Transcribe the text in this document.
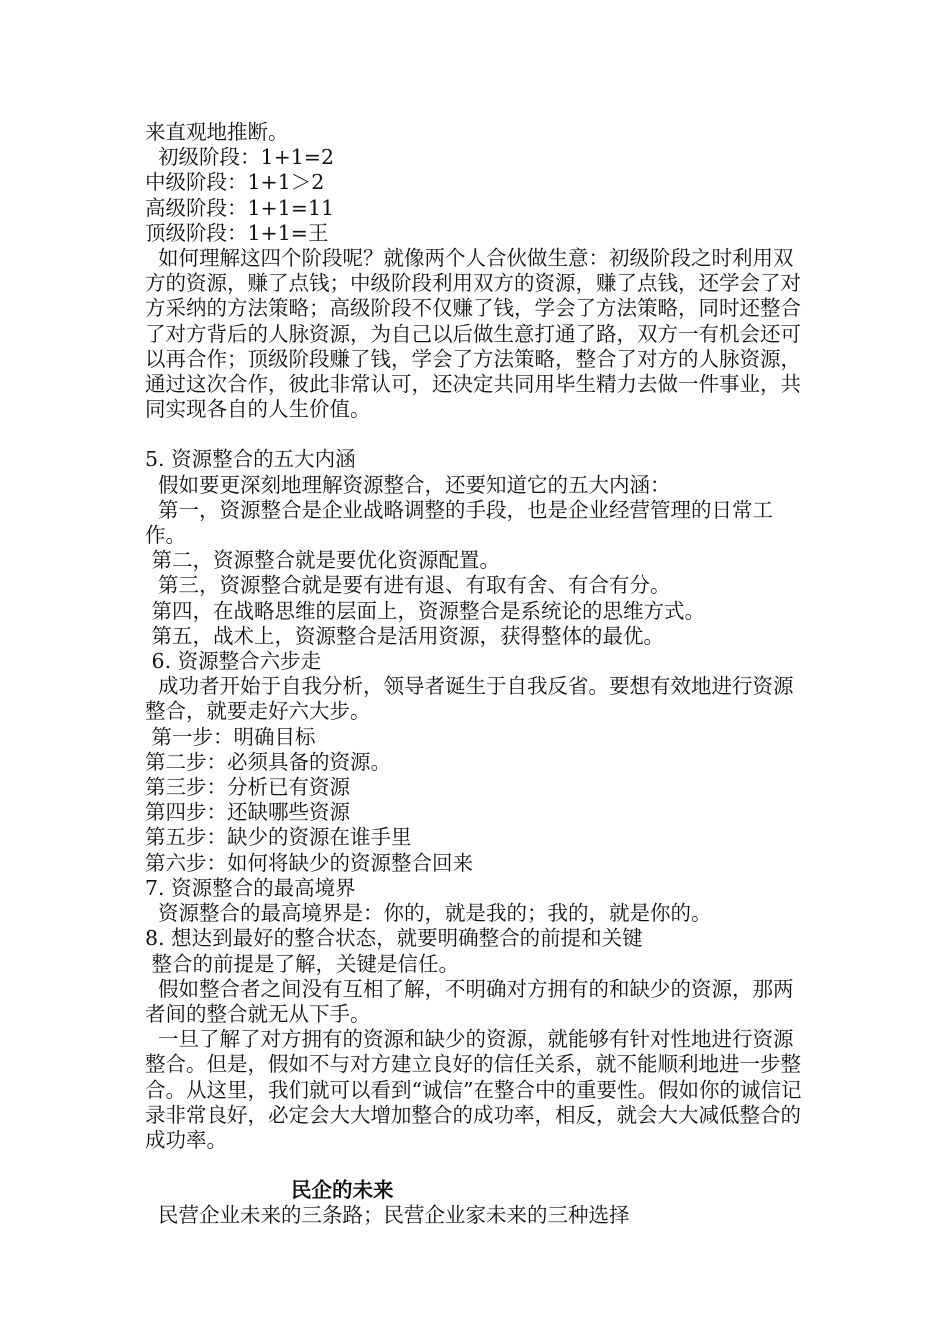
来直观地推断。

初级阶段：1+1=2

中级阶段：1+1＞2

高级阶段：1+1=11

顶级阶段：1+1=王

如何理解这四个阶段呢？就像两个人合伙做生意：初级阶段之时利用双方的资源，赚了点钱；中级阶段利用双方的资源，赚了点钱，还学会了对方采纳的方法策略；高级阶段不仅赚了钱，学会了方法策略，同时还整合了对方背后的人脉资源，为自己以后做生意打通了路，双方一有机会还可以再合作；顶级阶段赚了钱，学会了方法策略，整合了对方的人脉资源，通过这次合作，彼此非常认可，还决定共同用毕生精力去做一件事业，共同实现各自的人生价值。

5. 资源整合的五大内涵

假如要更深刻地理解资源整合，还要知道它的五大内涵：

第一，资源整合是企业战略调整的手段，也是企业经营管理的日常工作。

第二，资源整合就是要优化资源配置。

第三，资源整合就是要有进有退、有取有舍、有合有分。

第四，在战略思维的层面上，资源整合是系统论的思维方式。

第五，战术上，资源整合是活用资源，获得整体的最优。

6. 资源整合六步走

成功者开始于自我分析，领导者诞生于自我反省。要想有效地进行资源整合，就要走好六大步。

第一步：明确目标

第二步：必须具备的资源。

第三步：分析已有资源

第四步：还缺哪些资源

第五步：缺少的资源在谁手里

第六步：如何将缺少的资源整合回来

7. 资源整合的最高境界

资源整合的最高境界是：你的，就是我的；我的，就是你的。

8. 想达到最好的整合状态，就要明确整合的前提和关键

整合的前提是了解，关键是信任。

假如整合者之间没有互相了解，不明确对方拥有的和缺少的资源，那两者间的整合就无从下手。

一旦了解了对方拥有的资源和缺少的资源，就能够有针对性地进行资源整合。但是，假如不与对方建立良好的信任关系，就不能顺利地进一步整合。从这里，我们就可以看到“诚信”在整合中的重要性。假如你的诚信记录非常良好，必定会大大增加整合的成功率，相反，就会大大减低整合的成功率。

民企的未来

民营企业未来的三条路；民营企业家未来的三种选择
